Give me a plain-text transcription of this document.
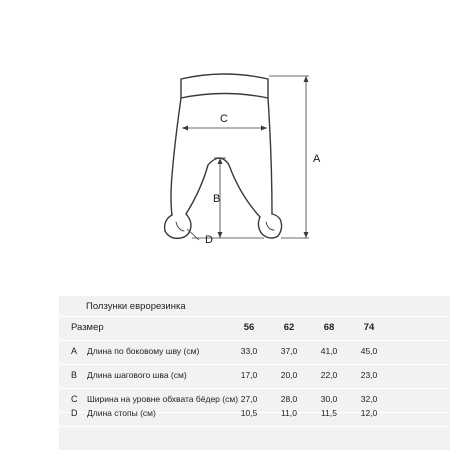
A
C
B
D
Ползунки еврорезинка
Размер	56	62	68	74
A Длина по боковому шву (см)	33,0	37,0	41,0	45,0
B Длина шагового шва (см)	17,0	20,0	22,0	23,0
C Ширина на уровне обхвата бёдер (см) 27,0	28,0	30,0	32,0
D Длина стопы (см)	10,5	11,0	11,5	12,0
